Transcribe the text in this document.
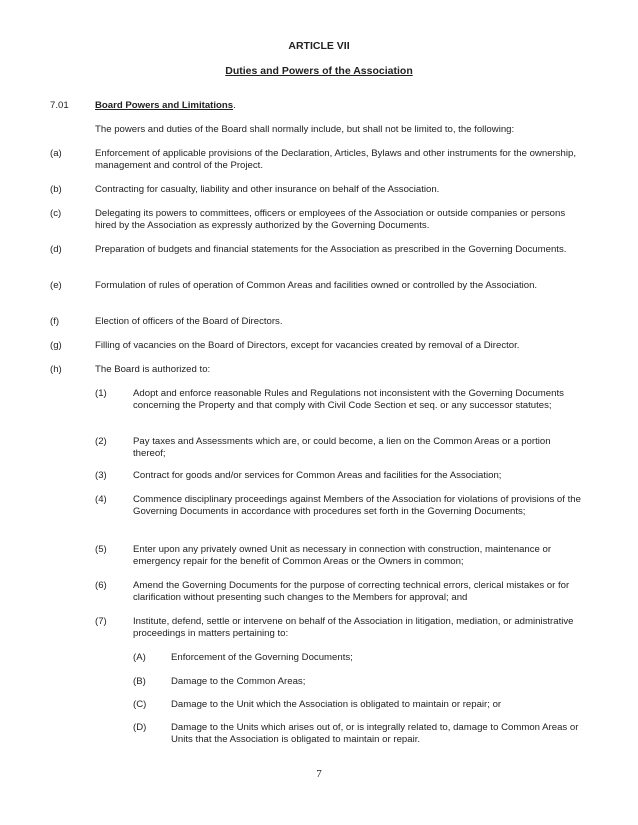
ARTICLE VII
Duties and Powers of the Association
7.01	Board Powers and Limitations.
The powers and duties of the Board shall normally include, but shall not be limited to, the following:
(a)	Enforcement of applicable provisions of the Declaration, Articles, Bylaws and other instruments for the ownership, management and control of the Project.
(b)	Contracting for casualty, liability and other insurance on behalf of the Association.
(c)	Delegating its powers to committees, officers or employees of the Association or outside companies or persons hired by the Association as expressly authorized by the Governing Documents.
(d)	Preparation of budgets and financial statements for the Association as prescribed in the Governing Documents.
(e)	Formulation of rules of operation of Common Areas and facilities owned or controlled by the Association.
(f)	Election of officers of the Board of Directors.
(g)	Filling of vacancies on the Board of Directors, except for vacancies created by removal of a Director.
(h)	The Board is authorized to:
(1)	Adopt and enforce reasonable Rules and Regulations not inconsistent with the Governing Documents concerning the Property and that comply with Civil Code Section et seq. or any successor statutes;
(2)	Pay taxes and Assessments which are, or could become, a lien on the Common Areas or a portion thereof;
(3)	Contract for goods and/or services for Common Areas and facilities for the Association;
(4)	Commence disciplinary proceedings against Members of the Association for violations of provisions of the Governing Documents in accordance with procedures set forth in the Governing Documents;
(5)	Enter upon any privately owned Unit as necessary in connection with construction, maintenance or emergency repair for the benefit of Common Areas or the Owners in common;
(6)	Amend the Governing Documents for the purpose of correcting technical errors, clerical mistakes or for clarification without presenting such changes to the Members for approval; and
(7)	Institute, defend, settle or intervene on behalf of the Association in litigation, mediation, or administrative proceedings in matters pertaining to:
(A)	Enforcement of the Governing Documents;
(B)	Damage to the Common Areas;
(C)	Damage to the Unit which the Association is obligated to maintain or repair; or
(D)	Damage to the Units which arises out of, or is integrally related to, damage to Common Areas or Units that the Association is obligated to maintain or repair.
7
